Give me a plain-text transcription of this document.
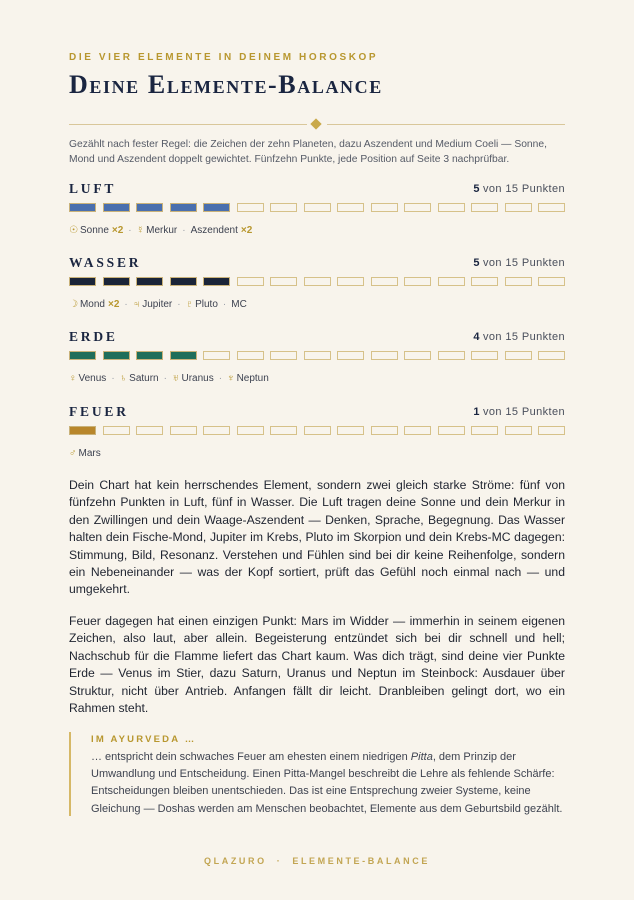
DIE VIER ELEMENTE IN DEINEM HOROSKOP
Deine Elemente-Balance
Gezählt nach fester Regel: die Zeichen der zehn Planeten, dazu Aszendent und Medium Coeli — Sonne, Mond und Aszendent doppelt gewichtet. Fünfzehn Punkte, jede Position auf Seite 3 nachprüfbar.
LUFT	5 von 15 Punkten
☉ Sonne ×2 · ☿ Merkur · Aszendent ×2
WASSER	5 von 15 Punkten
☽ Mond ×2 · ♃ Jupiter · ♇ Pluto · MC
ERDE	4 von 15 Punkten
♀ Venus · ♄ Saturn · ♅ Uranus · ♆ Neptun
FEUER	1 von 15 Punkten
♂ Mars
Dein Chart hat kein herrschendes Element, sondern zwei gleich starke Ströme: fünf von fünfzehn Punkten in Luft, fünf in Wasser. Die Luft tragen deine Sonne und dein Merkur in den Zwillingen und dein Waage-Aszendent — Denken, Sprache, Begegnung. Das Wasser halten dein Fische-Mond, Jupiter im Krebs, Pluto im Skorpion und dein Krebs-MC dagegen: Stimmung, Bild, Resonanz. Verstehen und Fühlen sind bei dir keine Reihenfolge, sondern ein Nebeneinander — was der Kopf sortiert, prüft das Gefühl noch einmal nach — und umgekehrt.
Feuer dagegen hat einen einzigen Punkt: Mars im Widder — immerhin in seinem eigenen Zeichen, also laut, aber allein. Begeisterung entzündet sich bei dir schnell und hell; Nachschub für die Flamme liefert das Chart kaum. Was dich trägt, sind deine vier Punkte Erde — Venus im Stier, dazu Saturn, Uranus und Neptun im Steinbock: Ausdauer über Struktur, nicht über Antrieb. Anfangen fällt dir leicht. Dranbleiben gelingt dort, wo ein Rahmen steht.
IM AYURVEDA …
… entspricht dein schwaches Feuer am ehesten einem niedrigen Pitta, dem Prinzip der Umwandlung und Entscheidung. Einen Pitta-Mangel beschreibt die Lehre als fehlende Schärfe: Entscheidungen bleiben unentschieden. Das ist eine Entsprechung zweier Systeme, keine Gleichung — Doshas werden am Menschen beobachtet, Elemente aus dem Geburtsbild gezählt.
QLAZURO · ELEMENTE-BALANCE
